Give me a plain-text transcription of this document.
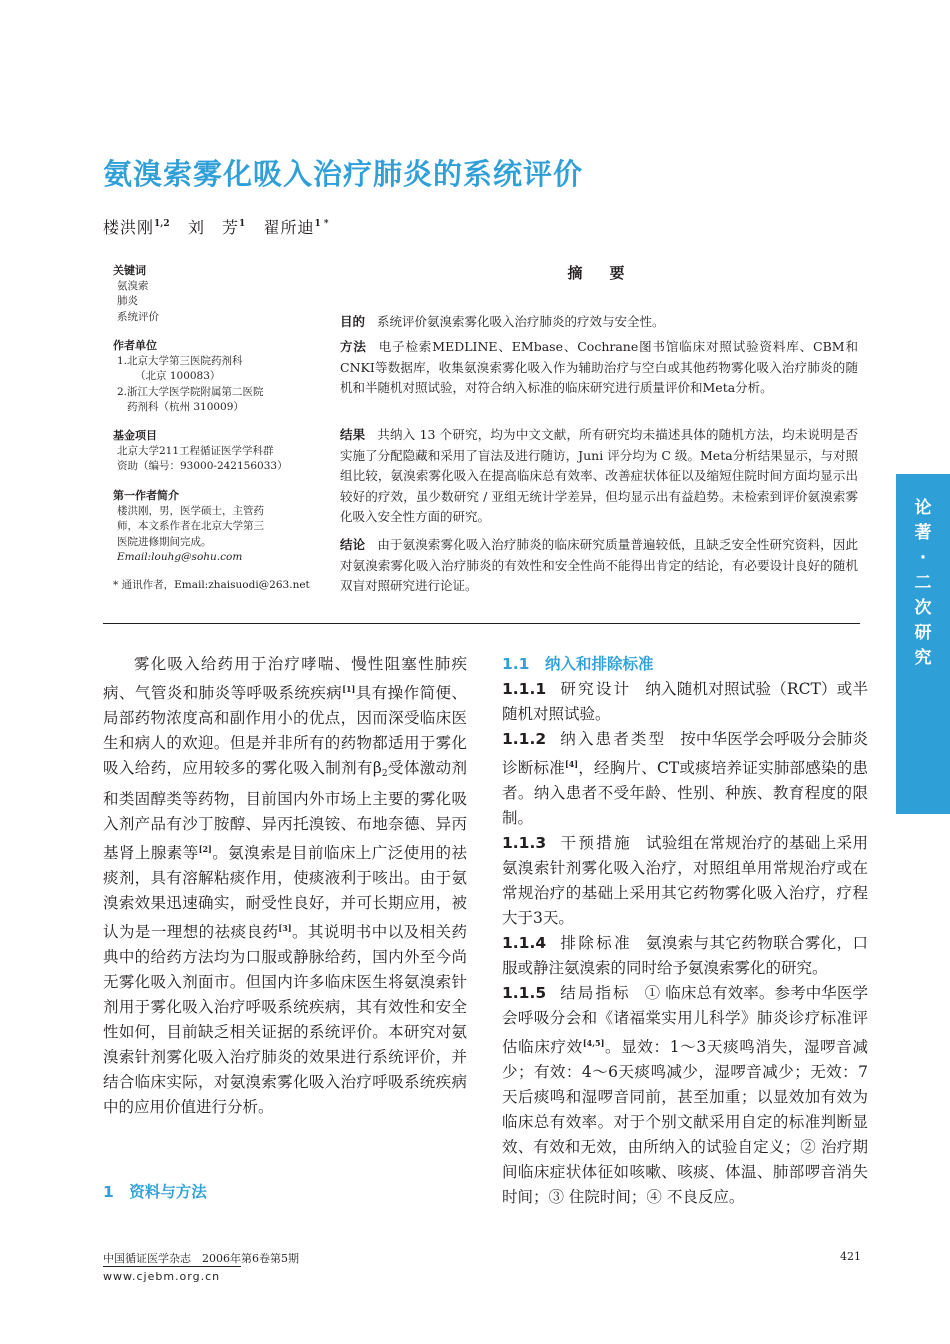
氨溴索雾化吸入治疗肺炎的系统评价
楼洪刚$^{1,2}$ 刘　芳$^1$ 翟所迪$^{1 *}$
关键词
氨溴索
肺炎
系统评价
作者单位
1.北京大学第三医院药剂科
（北京 100083）
2.浙江大学医学院附属第二医院
药剂科（杭州 310009）
基金项目
北京大学211工程循证医学学科群
资助（编号：93000-242156033）
第一作者简介
楼洪刚，男，医学硕士，主管药
师，本文系作者在北京大学第三
医院进修期间完成。
Email:louhg@sohu.com
* 通讯作者，Email:zhaisuodi@263.net
摘　要
目的 系统评价氨溴索雾化吸入治疗肺炎的疗效与安全性。
方法 电子检索MEDLINE、EMbase、Cochrane图书馆临床对照试验资料库、CBM和CNKI等数据库，收集氨溴索雾化吸入作为辅助治疗与空白或其他药物雾化吸入治疗肺炎的随机和半随机对照试验，对符合纳入标准的临床研究进行质量评价和Meta分析。
结果 共纳入 13 个研究，均为中文文献，所有研究均未描述具体的随机方法，均未说明是否实施了分配隐藏和采用了盲法及进行随访，Juni 评分均为 C 级。Meta分析结果显示，与对照组比较，氨溴索雾化吸入在提高临床总有效率、改善症状体征以及缩短住院时间方面均显示出较好的疗效，虽少数研究 / 亚组无统计学差异，但均显示出有益趋势。未检索到评价氨溴索雾化吸入安全性方面的研究。
结论 由于氨溴索雾化吸入治疗肺炎的临床研究质量普遍较低，且缺乏安全性研究资料，因此对氨溴索雾化吸入治疗肺炎的有效性和安全性尚不能得出肯定的结论，有必要设计良好的随机双盲对照研究进行论证。
论
著
·
二
次
研
究
雾化吸入给药用于治疗哮喘、慢性阻塞性肺疾病、气管炎和肺炎等呼吸系统疾病[1]具有操作简便、局部药物浓度高和副作用小的优点，因而深受临床医生和病人的欢迎。但是并非所有的药物都适用于雾化吸入给药，应用较多的雾化吸入制剂有$\beta_2$受体激动剂和类固醇类等药物，目前国内外市场上主要的雾化吸入剂产品有沙丁胺醇、异丙托溴铵、布地奈德、异丙基肾上腺素等[2]。氨溴索是目前临床上广泛使用的祛痰剂，具有溶解粘痰作用，使痰液利于咳出。由于氨溴索效果迅速确实，耐受性良好，并可长期应用，被认为是一理想的祛痰良药[3]。其说明书中以及相关药典中的给药方法均为口服或静脉给药，国内外至今尚无雾化吸入剂面市。但国内许多临床医生将氨溴索针剂用于雾化吸入治疗呼吸系统疾病，其有效性和安全性如何，目前缺乏相关证据的系统评价。本研究对氨溴索针剂雾化吸入治疗肺炎的效果进行系统评价，并结合临床实际，对氨溴索雾化吸入治疗呼吸系统疾病中的应用价值进行分析。
1　资料与方法
1.1　纳入和排除标准
1.1.1 研究设计 纳入随机对照试验（RCT）或半随机对照试验。
1.1.2 纳入患者类型 按中华医学会呼吸分会肺炎诊断标准[4]，经胸片、CT或痰培养证实肺部感染的患者。纳入患者不受年龄、性别、种族、教育程度的限制。
1.1.3 干预措施 试验组在常规治疗的基础上采用氨溴索针剂雾化吸入治疗，对照组单用常规治疗或在常规治疗的基础上采用其它药物雾化吸入治疗，疗程大于3天。
1.1.4 排除标准 氨溴索与其它药物联合雾化，口服或静注氨溴索的同时给予氨溴索雾化的研究。
1.1.5 结局指标 ① 临床总有效率。参考中华医学会呼吸分会和《诸福棠实用儿科学》肺炎诊疗标准评估临床疗效[4,5]。显效：1～3天痰鸣消失，湿啰音减少；有效：4～6天痰鸣减少，湿啰音减少；无效：7天后痰鸣和湿啰音同前，甚至加重；以显效加有效为临床总有效率。对于个别文献采用自定的标准判断显效、有效和无效，由所纳入的试验自定义；② 治疗期间临床症状体征如咳嗽、咳痰、体温、肺部啰音消失时间；③ 住院时间；④ 不良反应。
中国循证医学杂志　2006年第6卷第5期
www.cjebm.org.cn
421
